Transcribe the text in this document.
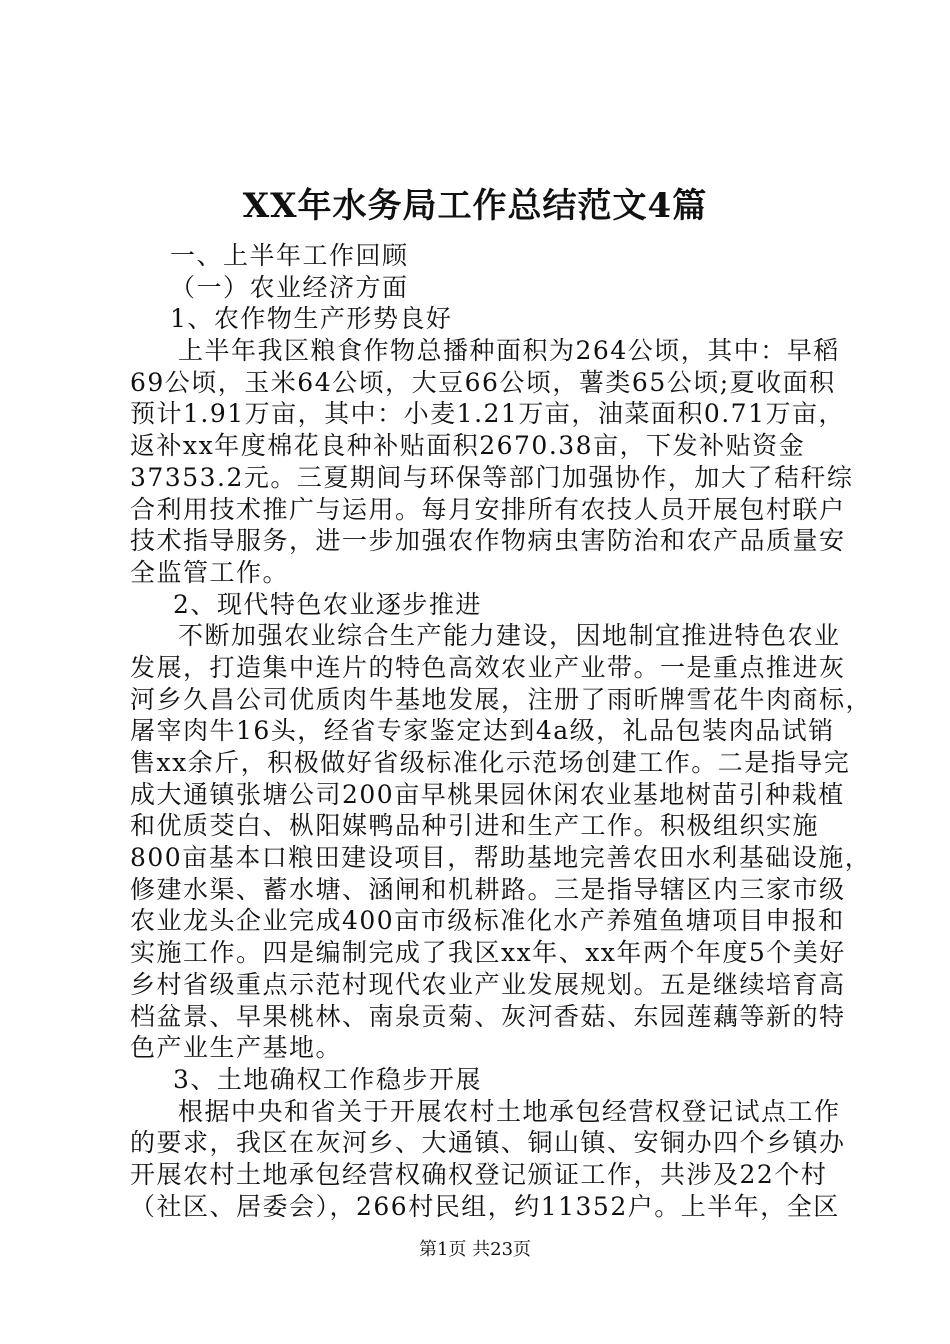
XX年水务局工作总结范文4篇

一、上半年工作回顾

（一）农业经济方面

1、农作物生产形势良好

上半年我区粮食作物总播种面积为264公顷，其中：早稻

69公顷，玉米64公顷，大豆66公顷，薯类65公顷;夏收面积

预计1.91万亩，其中：小麦1.21万亩，油菜面积0.71万亩，

返补xx年度棉花良种补贴面积2670.38亩，下发补贴资金

37353.2元。三夏期间与环保等部门加强协作，加大了秸秆综

合利用技术推广与运用。每月安排所有农技人员开展包村联户

技术指导服务，进一步加强农作物病虫害防治和农产品质量安

全监管工作。

2、现代特色农业逐步推进

不断加强农业综合生产能力建设，因地制宜推进特色农业

发展，打造集中连片的特色高效农业产业带。一是重点推进灰

河乡久昌公司优质肉牛基地发展，注册了雨昕牌雪花牛肉商标，

屠宰肉牛16头，经省专家鉴定达到4a级，礼品包装肉品试销

售xx余斤，积极做好省级标准化示范场创建工作。二是指导完

成大通镇张塘公司200亩早桃果园休闲农业基地树苗引种栽植

和优质茭白、枞阳媒鸭品种引进和生产工作。积极组织实施

800亩基本口粮田建设项目，帮助基地完善农田水利基础设施，

修建水渠、蓄水塘、涵闸和机耕路。三是指导辖区内三家市级

农业龙头企业完成400亩市级标准化水产养殖鱼塘项目申报和

实施工作。四是编制完成了我区xx年、xx年两个年度5个美好

乡村省级重点示范村现代农业产业发展规划。五是继续培育高

档盆景、早果桃林、南泉贡菊、灰河香菇、东园莲藕等新的特

色产业生产基地。

3、土地确权工作稳步开展

根据中央和省关于开展农村土地承包经营权登记试点工作

的要求，我区在灰河乡、大通镇、铜山镇、安铜办四个乡镇办

开展农村土地承包经营权确权登记颁证工作，共涉及22个村

（社区、居委会），266村民组，约11352户。上半年，全区

第1页 共23页
